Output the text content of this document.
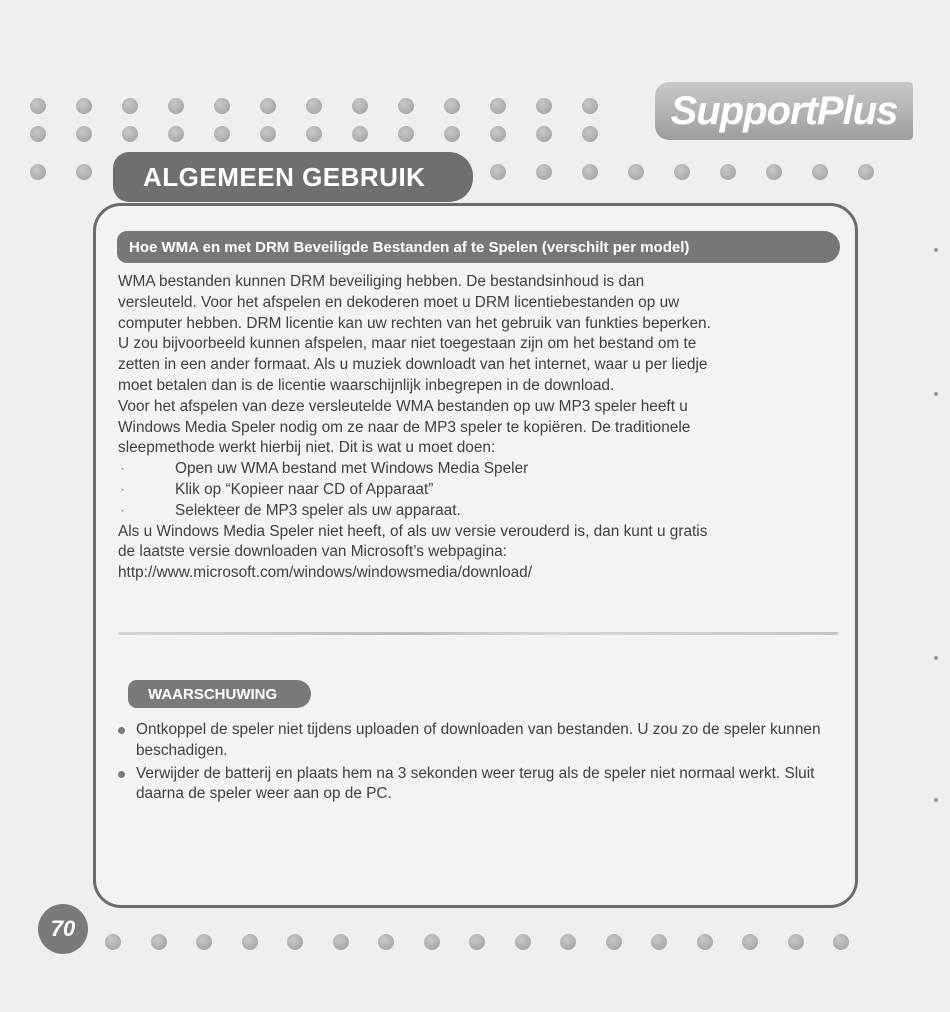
SupportPlus
ALGEMEEN GEBRUIK
Hoe WMA en met DRM Beveiligde Bestanden af te Spelen (verschilt per model)

WMA bestanden kunnen DRM beveiliging hebben. De bestandsinhoud is dan
versleuteld. Voor het afspelen en dekoderen moet u DRM licentiebestanden op uw
computer hebben. DRM licentie kan uw rechten van het gebruik van funkties beperken.
U zou bijvoorbeeld kunnen afspelen, maar niet toegestaan zijn om het bestand om te
zetten in een ander formaat. Als u muziek downloadt van het internet, waar u per liedje
moet betalen dan is de licentie waarschijnlijk inbegrepen in de download.

Voor het afspelen van deze versleutelde WMA bestanden op uw MP3 speler heeft u
Windows Media Speler nodig om ze naar de MP3 speler te kopiëren. De traditionele
sleepmethode werkt hierbij niet. Dit is wat u moet doen:

·	Open uw WMA bestand met Windows Media Speler
·	Klik op “Kopieer naar CD of Apparaat”
·	Selekteer de MP3 speler als uw apparaat.

Als u Windows Media Speler niet heeft, of als uw versie verouderd is, dan kunt u gratis
de laatste versie downloaden van Microsoft’s webpagina:
http://www.microsoft.com/windows/windowsmedia/download/

WAARSCHUWING
Ontkoppel de speler niet tijdens uploaden of downloaden van bestanden. U zou zo de speler kunnen beschadigen.
Verwijder de batterij en plaats hem na 3 sekonden weer terug als de speler niet normaal werkt. Sluit daarna de speler weer aan op de PC.
70
